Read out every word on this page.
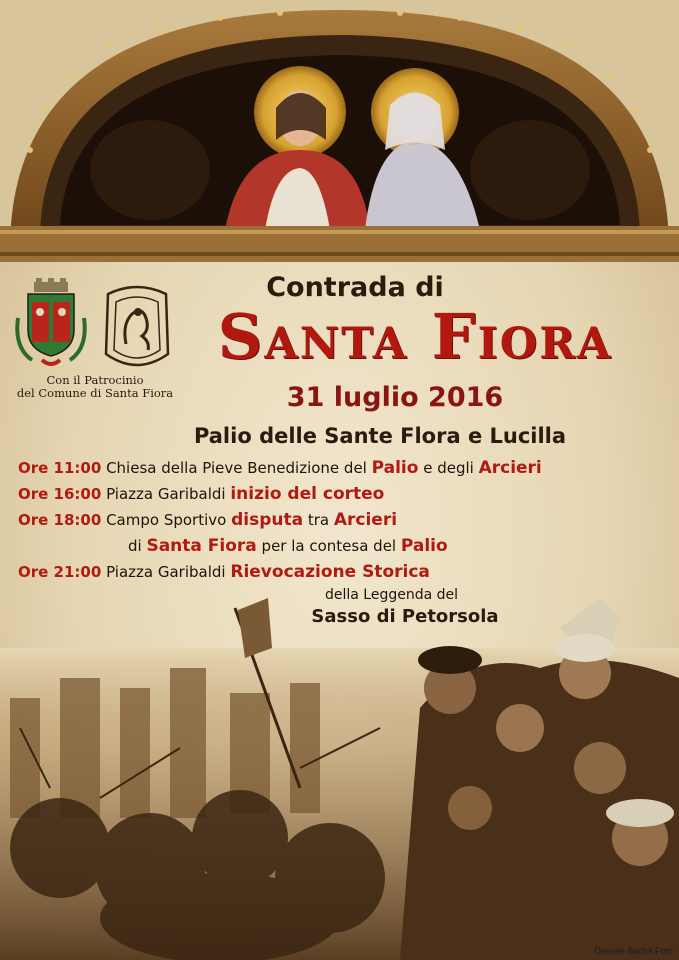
Con il Patrocinio
del Comune di Santa Fiora
Contrada di
Santa Fiora
31 luglio 2016
Palio delle Sante Flora e Lucilla
Ore 11:00 Chiesa della Pieve Benedizione del Palio e degli Arcieri
Ore 16:00 Piazza Garibaldi inizio del corteo
Ore 18:00 Campo Sportivo disputa tra Arcieri
di Santa Fiora per la contesa del Palio
Ore 21:00 Piazza Garibaldi Rievocazione Storica
della Leggenda del
Sasso di Petorsola
Daniele Badini Foto
